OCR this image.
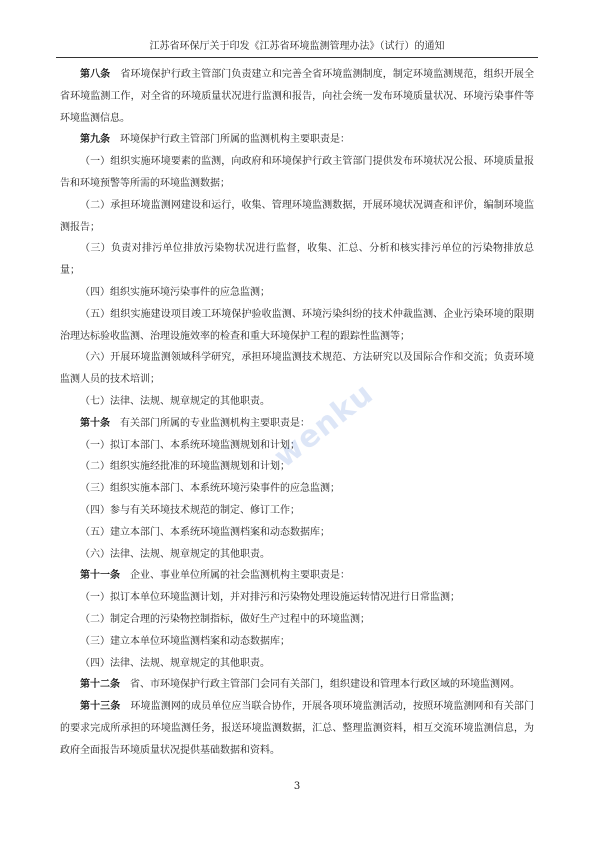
江苏省环保厅关于印发《江苏省环境监测管理办法》（试行）的通知

第八条　 省环境保护行政主管部门负责建立和完善全省环境监测制度，制定环境监测规范，组织开展全省环境监测工作，对全省的环境质量状况进行监测和报告，向社会统一发布环境质量状况、环境污染事件等环境监测信息。

第九条　 环境保护行政主管部门所属的监测机构主要职责是：

（一）组织实施环境要素的监测，向政府和环境保护行政主管部门提供发布环境状况公报、环境质量报告和环境预警等所需的环境监测数据；

（二）承担环境监测网建设和运行，收集、管理环境监测数据，开展环境状况调查和评价，编制环境监测报告；

（三）负责对排污单位排放污染物状况进行监督，收集、汇总、分析和核实排污单位的污染物排放总量；

（四）组织实施环境污染事件的应急监测；

（五）组织实施建设项目竣工环境保护验收监测、环境污染纠纷的技术仲裁监测、企业污染环境的限期治理达标验收监测、治理设施效率的检查和重大环境保护工程的跟踪性监测等；

（六）开展环境监测领域科学研究，承担环境监测技术规范、方法研究以及国际合作和交流；负责环境监测人员的技术培训；

（七）法律、法规、规章规定的其他职责。

第十条　 有关部门所属的专业监测机构主要职责是：

（一）拟订本部门、本系统环境监测规划和计划；

（二）组织实施经批准的环境监测规划和计划；

（三）组织实施本部门、本系统环境污染事件的应急监测；

（四）参与有关环境技术规范的制定、修订工作；

（五）建立本部门、本系统环境监测档案和动态数据库；

（六）法律、法规、规章规定的其他职责。

第十一条　 企业、事业单位所属的社会监测机构主要职责是：

（一）拟订本单位环境监测计划，并对排污和污染物处理设施运转情况进行日常监测；

（二）制定合理的污染物控制指标，做好生产过程中的环境监测；

（三）建立本单位环境监测档案和动态数据库；

（四）法律、法规、规章规定的其他职责。

第十二条　 省、市环境保护行政主管部门会同有关部门，组织建设和管理本行政区域的环境监测网。

第十三条　 环境监测网的成员单位应当联合协作，开展各项环境监测活动，按照环境监测网和有关部门的要求完成所承担的环境监测任务，报送环境监测数据，汇总、整理监测资料，相互交流环境监测信息，为政府全面报告环境质量状况提供基础数据和资料。

wenku
3
